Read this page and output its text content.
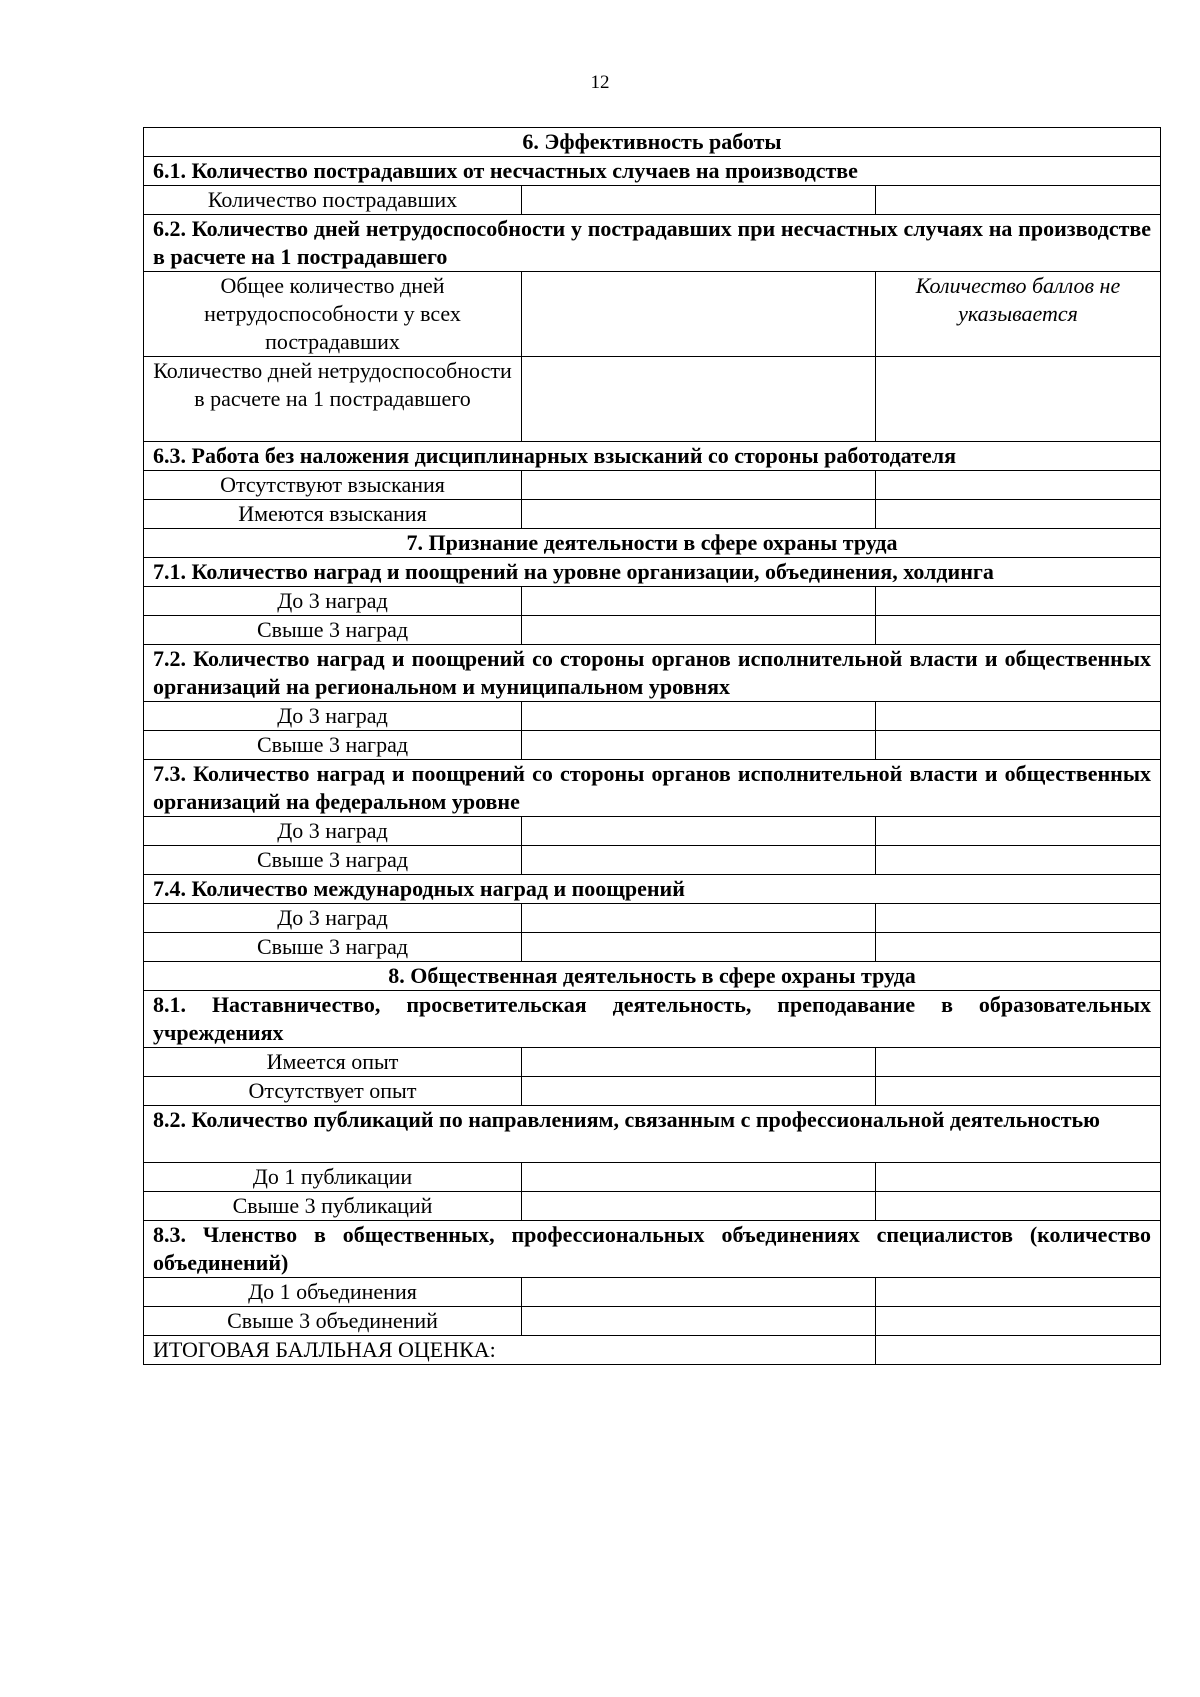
12
6. Эффективность работы		
6.1. Количество пострадавших от несчастных случаев на производстве		
Количество пострадавших		
6.2. Количество дней нетрудоспособности у пострадавших при несчастных случаях на производстве в расчете на 1 пострадавшего		
Общее количество дней нетрудоспособности у всех пострадавших		Количество баллов не указывается
Количество дней нетрудоспособности в расчете на 1 пострадавшего		
6.3. Работа без наложения дисциплинарных взысканий со стороны работодателя		
Отсутствуют взыскания		
Имеются взыскания		
7. Признание деятельности в сфере охраны труда		
7.1. Количество наград и поощрений на уровне организации, объединения, холдинга		
До 3 наград		
Свыше 3 наград		
7.2. Количество наград и поощрений со стороны органов исполнительной власти и общественных организаций на региональном и муниципальном уровнях		
До 3 наград		
Свыше 3 наград		
7.3. Количество наград и поощрений со стороны органов исполнительной власти и общественных организаций на федеральном уровне		
До 3 наград		
Свыше 3 наград		
7.4. Количество международных наград и поощрений		
До 3 наград		
Свыше 3 наград		
8. Общественная деятельность в сфере охраны труда		
8.1. Наставничество, просветительская деятельность, преподавание в образовательных учреждениях		
Имеется опыт		
Отсутствует опыт		
8.2. Количество публикаций по направлениям, связанным с профессиональной деятельностью		
До 1 публикации		
Свыше 3 публикаций		
8.3. Членство в общественных, профессиональных объединениях специалистов (количество объединений)		
До 1 объединения		
Свыше 3 объединений		
ИТОГОВАЯ БАЛЛЬНАЯ ОЦЕНКА:		
